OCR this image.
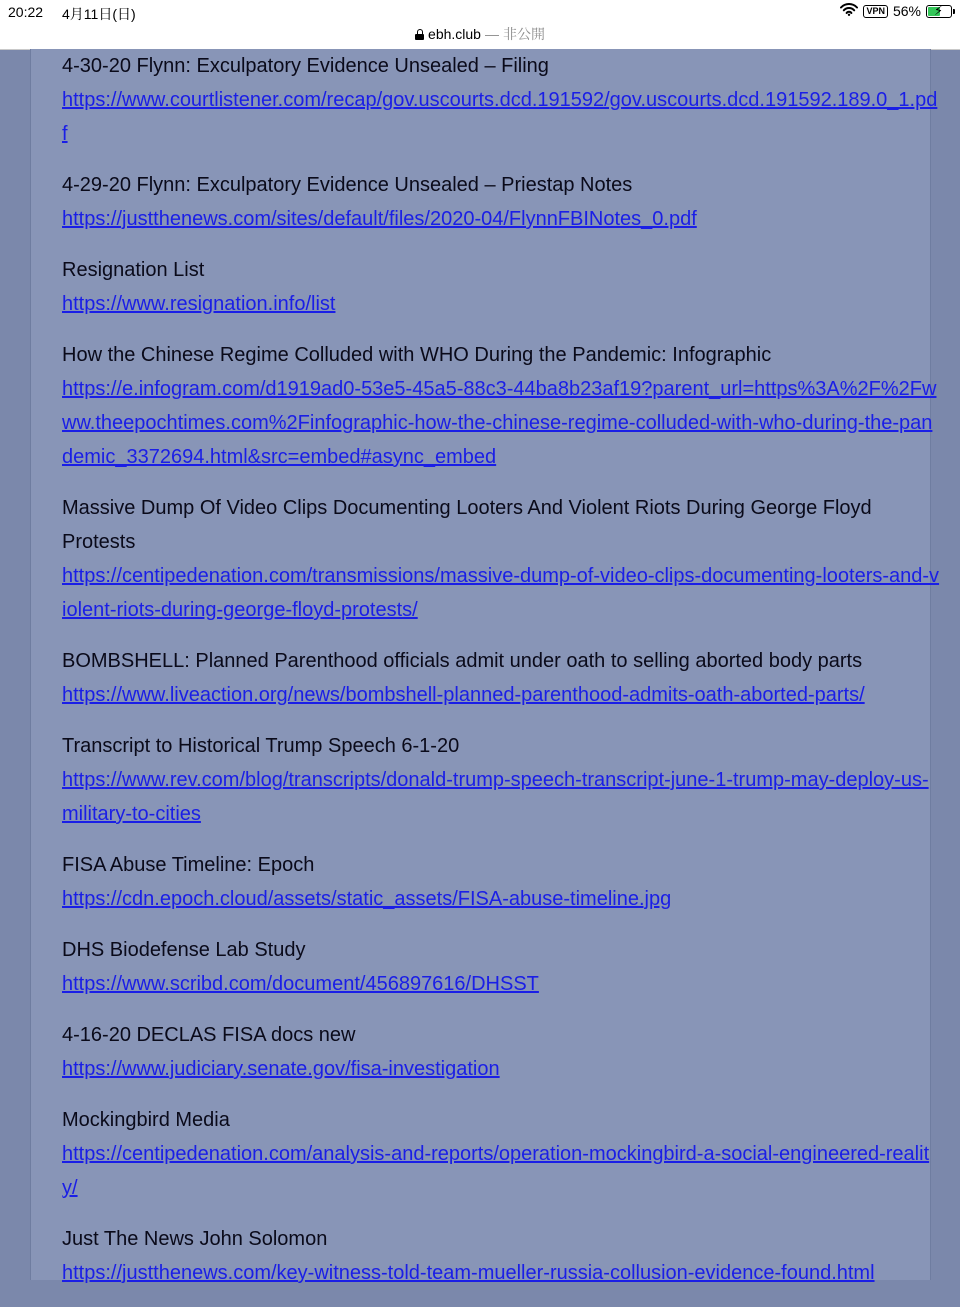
20:22 4月11日(日)	VPN 56% ⚡
ebh.club — 非公開
4-30-20 Flynn: Exculpatory Evidence Unsealed – Filing
https://www.courtlistener.com/recap/gov.uscourts.dcd.191592/gov.uscourts.dcd.191592.189.0_1.pdf
4-29-20 Flynn: Exculpatory Evidence Unsealed – Priestap Notes
https://justthenews.com/sites/default/files/2020-04/FlynnFBINotes_0.pdf
Resignation List
https://www.resignation.info/list
How the Chinese Regime Colluded with WHO During the Pandemic: Infographic
https://e.infogram.com/d1919ad0-53e5-45a5-88c3-44ba8b23af19?parent_url=https%3A%2F%2Fwww.theepochtimes.com%2Finfographic-how-the-chinese-regime-colluded-with-who-during-the-pandemic_3372694.html&src=embed#async_embed
Massive Dump Of Video Clips Documenting Looters And Violent Riots During George Floyd Protests
https://centipedenation.com/transmissions/massive-dump-of-video-clips-documenting-looters-and-violent-riots-during-george-floyd-protests/
BOMBSHELL: Planned Parenthood officials admit under oath to selling aborted body parts
https://www.liveaction.org/news/bombshell-planned-parenthood-admits-oath-aborted-parts/
Transcript to Historical Trump Speech 6-1-20
https://www.rev.com/blog/transcripts/donald-trump-speech-transcript-june-1-trump-may-deploy-us-military-to-cities
FISA Abuse Timeline: Epoch
https://cdn.epoch.cloud/assets/static_assets/FISA-abuse-timeline.jpg
DHS Biodefense Lab Study
https://www.scribd.com/document/456897616/DHSST
4-16-20 DECLAS FISA docs new
https://www.judiciary.senate.gov/fisa-investigation
Mockingbird Media
https://centipedenation.com/analysis-and-reports/operation-mockingbird-a-social-engineered-reality/
Just The News John Solomon
https://justthenews.com/key-witness-told-team-mueller-russia-collusion-evidence-found.html
